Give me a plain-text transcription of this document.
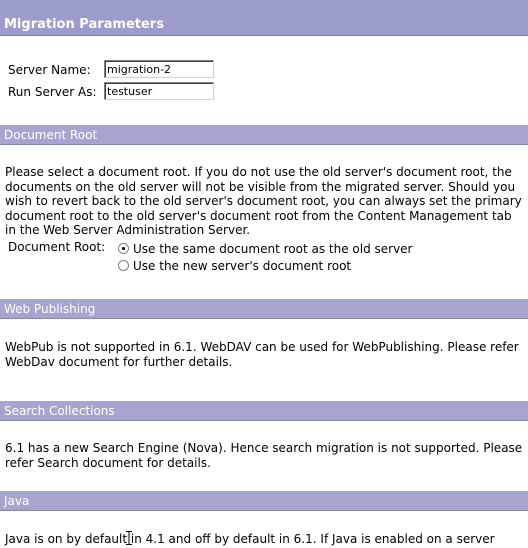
Migration Parameters
Server Name:
migration-2
Run Server As:
testuser
Document Root

Please select a document root. If you do not use the old server's document root, the documents on the old server will not be visible from the migrated server. Should you wish to revert back to the old server's document root, you can always set the primary document root to the old server's document root from the Content Management tab in the Web Server Administration Server.

Document Root: Use the same document root as the old server
Use the new server's document root
Web Publishing

WebPub is not supported in 6.1. WebDAV can be used for WebPublishing. Please refer WebDav document for further details.

Search Collections

6.1 has a new Search Engine (Nova). Hence search migration is not supported. Please refer Search document for details.

Java

Java is on by default in 4.1 and off by default in 6.1. If Java is enabled on a server
